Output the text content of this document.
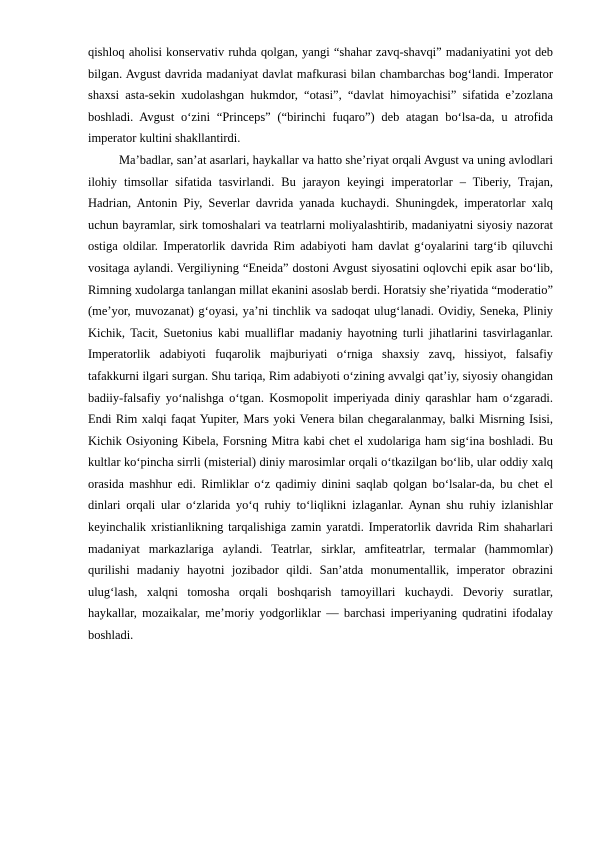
qishloq aholisi konservativ ruhda qolgan, yangi “shahar zavq-shavqi” madaniyatini yot deb bilgan. Avgust davrida madaniyat davlat mafkurasi bilan chambarchas bog‘landi. Imperator shaxsi asta-sekin xudolashgan hukmdor, “otasi”, “davlat himoyachisi” sifatida e’zozlana boshladi. Avgust o‘zini “Princeps” (“birinchi fuqaro”) deb atagan bo‘lsa-da, u atrofida imperator kultini shakllantirdi.

Ma’badlar, san’at asarlari, haykallar va hatto she’riyat orqali Avgust va uning avlodlari ilohiy timsollar sifatida tasvirlandi. Bu jarayon keyingi imperatorlar – Tiberiy, Trajan, Hadrian, Antonin Piy, Severlar davrida yanada kuchaydi. Shuningdek, imperatorlar xalq uchun bayramlar, sirk tomoshalari va teatrlarni moliyalashtirib, madaniyatni siyosiy nazorat ostiga oldilar. Imperatorlik davrida Rim adabiyoti ham davlat g‘oyalarini targ‘ib qiluvchi vositaga aylandi. Vergiliyning “Eneida” dostoni Avgust siyosatini oqlovchi epik asar bo‘lib, Rimning xudolarga tanlangan millat ekanini asoslab berdi. Horatsiy she’riyatida “moderatio” (me’yor, muvozanat) g‘oyasi, ya’ni tinchlik va sadoqat ulug‘lanadi. Ovidiy, Seneka, Pliniy Kichik, Tacit, Suetonius kabi mualliflar madaniy hayotning turli jihatlarini tasvirlaganlar. Imperatorlik adabiyoti fuqarolik majburiyati o‘rniga shaxsiy zavq, hissiyot, falsafiy tafakkurni ilgari surgan. Shu tariqa, Rim adabiyoti o‘zining avvalgi qat’iy, siyosiy ohangidan badiiy-falsafiy yo‘nalishga o‘tgan. Kosmopolit imperiyada diniy qarashlar ham o‘zgaradi. Endi Rim xalqi faqat Yupiter, Mars yoki Venera bilan chegaralanmay, balki Misrning Isisi, Kichik Osiyoning Kibela, Forsning Mitra kabi chet el xudolariga ham sig‘ina boshladi. Bu kultlar ko‘pincha sirrli (misterial) diniy marosimlar orqali o‘tkazilgan bo‘lib, ular oddiy xalq orasida mashhur edi. Rimliklar o‘z qadimiy dinini saqlab qolgan bo‘lsalar-da, bu chet el dinlari orqali ular o‘zlarida yo‘q ruhiy to‘liqlikni izlaganlar. Aynan shu ruhiy izlanishlar keyinchalik xristianlikning tarqalishiga zamin yaratdi. Imperatorlik davrida Rim shaharlari madaniyat markazlariga aylandi. Teatrlar, sirklar, amfiteatrlar, termalar (hammomlar) qurilishi madaniy hayotni jozibador qildi. San’atda monumentallik, imperator obrazini ulug‘lash, xalqni tomosha orqali boshqarish tamoyillari kuchaydi. Devoriy suratlar, haykallar, mozaikalar, me’moriy yodgorliklar — barchasi imperiyaning qudratini ifodalay boshladi.
